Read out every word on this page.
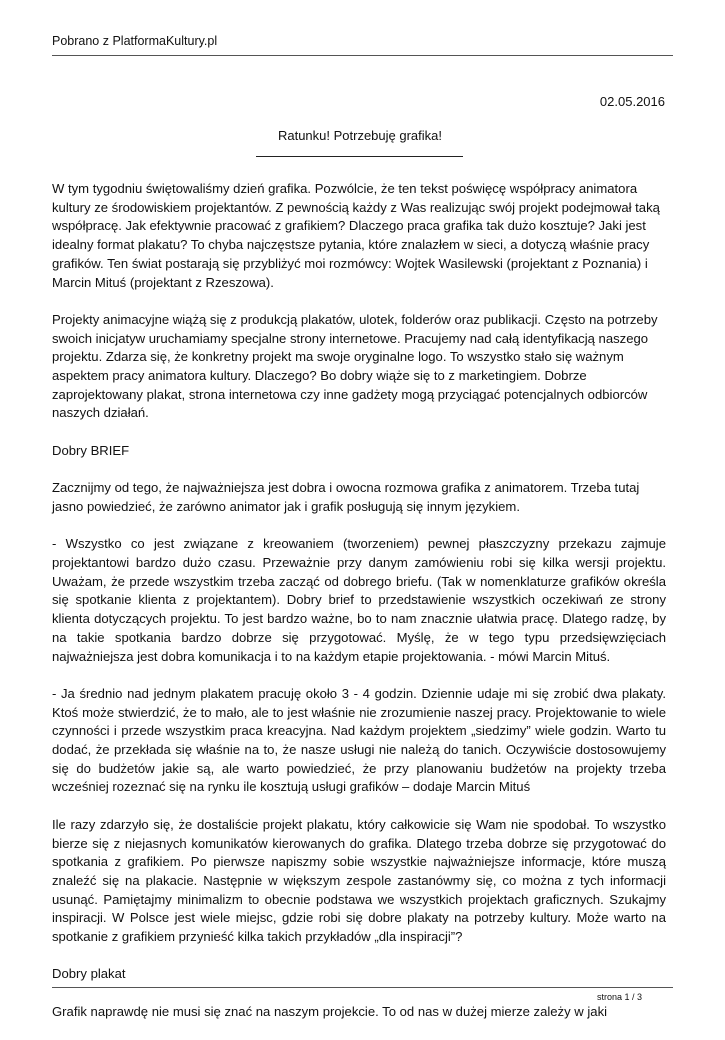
Pobrano z PlatformaKultury.pl
02.05.2016
Ratunku! Potrzebuję grafika!

W tym tygodniu świętowaliśmy dzień grafika. Pozwólcie, że ten tekst poświęcę współpracy animatora kultury ze środowiskiem projektantów. Z pewnością każdy z Was realizując swój projekt podejmował taką współpracę. Jak efektywnie pracować z grafikiem? Dlaczego praca grafika tak dużo kosztuje? Jaki jest idealny format plakatu? To chyba najczęstsze pytania, które znalazłem w sieci, a dotyczą właśnie pracy grafików. Ten świat postarają się przybliżyć moi rozmówcy: Wojtek Wasilewski (projektant z Poznania) i Marcin Mituś (projektant z Rzeszowa).

Projekty animacyjne wiążą się z produkcją plakatów, ulotek, folderów oraz publikacji. Często na potrzeby swoich inicjatyw uruchamiamy specjalne strony internetowe. Pracujemy nad całą identyfikacją naszego projektu. Zdarza się, że konkretny projekt ma swoje oryginalne logo. To wszystko stało się ważnym aspektem pracy animatora kultury. Dlaczego? Bo dobry wiąże się to z marketingiem. Dobrze zaprojektowany plakat, strona internetowa czy inne gadżety mogą przyciągać potencjalnych odbiorców naszych działań.

Dobry BRIEF

Zacznijmy od tego, że najważniejsza jest dobra i owocna rozmowa grafika z animatorem. Trzeba tutaj jasno powiedzieć, że zarówno animator jak i grafik posługują się innym językiem.

- Wszystko co jest związane z kreowaniem (tworzeniem) pewnej płaszczyzny przekazu zajmuje projektantowi bardzo dużo czasu. Przeważnie przy danym zamówieniu robi się kilka wersji projektu. Uważam, że przede wszystkim trzeba zacząć od dobrego briefu. (Tak w nomenklaturze grafików określa się spotkanie klienta z projektantem). Dobry brief to przedstawienie wszystkich oczekiwań ze strony klienta dotyczących projektu. To jest bardzo ważne, bo to nam znacznie ułatwia pracę. Dlatego radzę, by na takie spotkania bardzo dobrze się przygotować. Myślę, że w tego typu przedsięwzięciach najważniejsza jest dobra komunikacja i to na każdym etapie projektowania. - mówi Marcin Mituś.

- Ja średnio nad jednym plakatem pracuję około 3 - 4 godzin. Dziennie udaje mi się zrobić dwa plakaty. Ktoś może stwierdzić, że to mało, ale to jest właśnie nie zrozumienie naszej pracy. Projektowanie to wiele czynności i przede wszystkim praca kreacyjna. Nad każdym projektem „siedzimy” wiele godzin. Warto tu dodać, że przekłada się właśnie na to, że nasze usługi nie należą do tanich. Oczywiście dostosowujemy się do budżetów jakie są, ale warto powiedzieć, że przy planowaniu budżetów na projekty trzeba wcześniej rozeznać się na rynku ile kosztują usługi grafików – dodaje Marcin Mituś

Ile razy zdarzyło się, że dostaliście projekt plakatu, który całkowicie się Wam nie spodobał. To wszystko bierze się z niejasnych komunikatów kierowanych do grafika. Dlatego trzeba dobrze się przygotować do spotkania z grafikiem. Po pierwsze napiszmy sobie wszystkie najważniejsze informacje, które muszą znaleźć się na plakacie. Następnie w większym zespole zastanówmy się, co można z tych informacji usunąć. Pamiętajmy minimalizm to obecnie podstawa we wszystkich projektach graficznych. Szukajmy inspiracji. W Polsce jest wiele miejsc, gdzie robi się dobre plakaty na potrzeby kultury. Może warto na spotkanie z grafikiem przynieść kilka takich przykładów „dla inspiracji”?

Dobry plakat

Grafik naprawdę nie musi się znać na naszym projekcie. To od nas w dużej mierze zależy w jaki

strona 1 / 3
